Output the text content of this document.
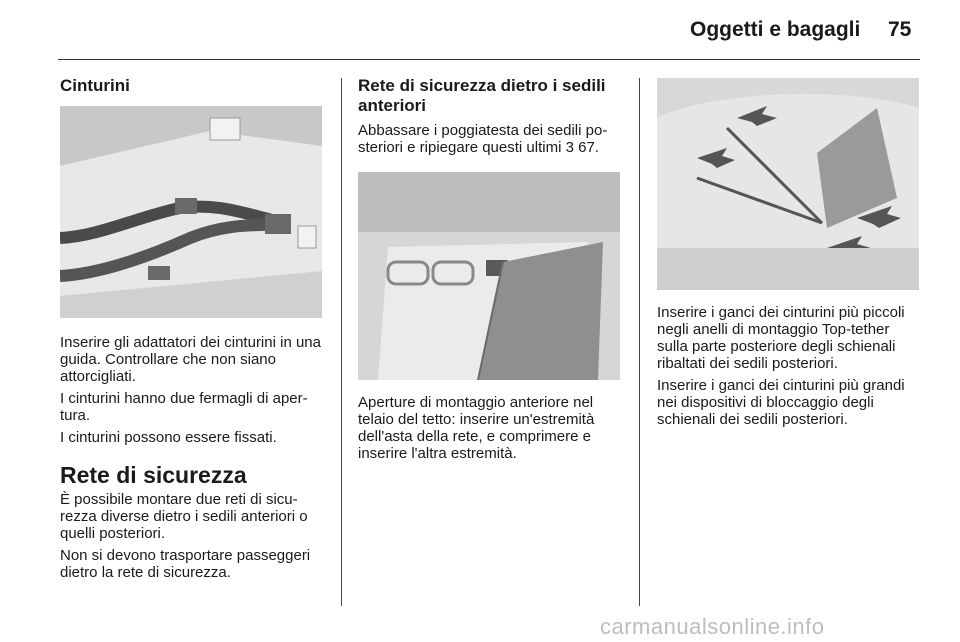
Oggetti e bagagli 75
Cinturini

Inserire gli adattatori dei cinturini in una guida. Controllare che non siano attorcigliati.

I cinturini hanno due fermagli di apertura.

I cinturini possono essere fissati.

Rete di sicurezza

È possibile montare due reti di sicurezza diverse dietro i sedili anteriori o quelli posteriori.

Non si devono trasportare passeggeri dietro la rete di sicurezza.

Rete di sicurezza dietro i sedili anteriori

Abbassare i poggiatesta dei sedili posteriori e ripiegare questi ultimi 3 67.

Aperture di montaggio anteriore nel telaio del tetto: inserire un'estremità dell'asta della rete, e comprimere e inserire l'altra estremità.

Inserire i ganci dei cinturini più piccoli negli anelli di montaggio Top-tether sulla parte posteriore degli schienali ribaltati dei sedili posteriori.

Inserire i ganci dei cinturini più grandi nei dispositivi di bloccaggio degli schienali dei sedili posteriori.

carmanualsonline.info
